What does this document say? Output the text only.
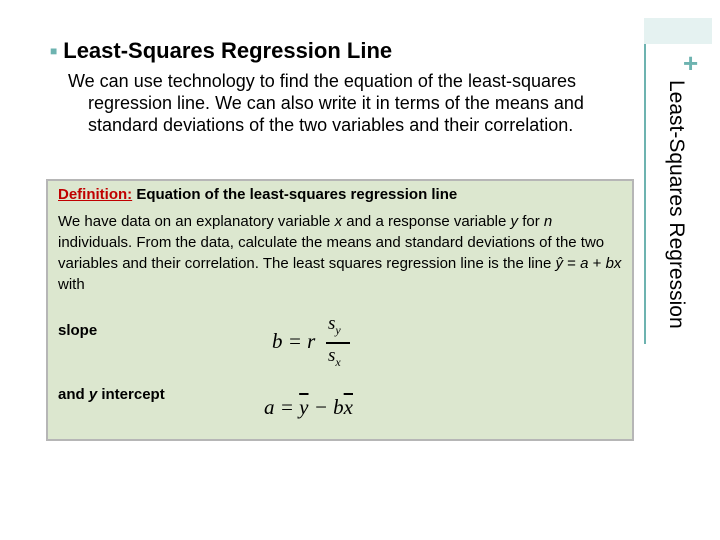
+
Least-Squares Regression
■ Least-Squares Regression Line
We can use technology to find the equation of the least-squares regression line. We can also write it in terms of the means and standard deviations of the two variables and their correlation.
Definition: Equation of the least-squares regression line
We have data on an explanatory variable x and a response variable y for n individuals. From the data, calculate the means and standard deviations of the two variables and their correlation. The least squares regression line is the line ŷ = a + bx with
slope
and y intercept
b = r
$s_y$
$s_x$
$a = \overline{y} - b\overline{x}$
